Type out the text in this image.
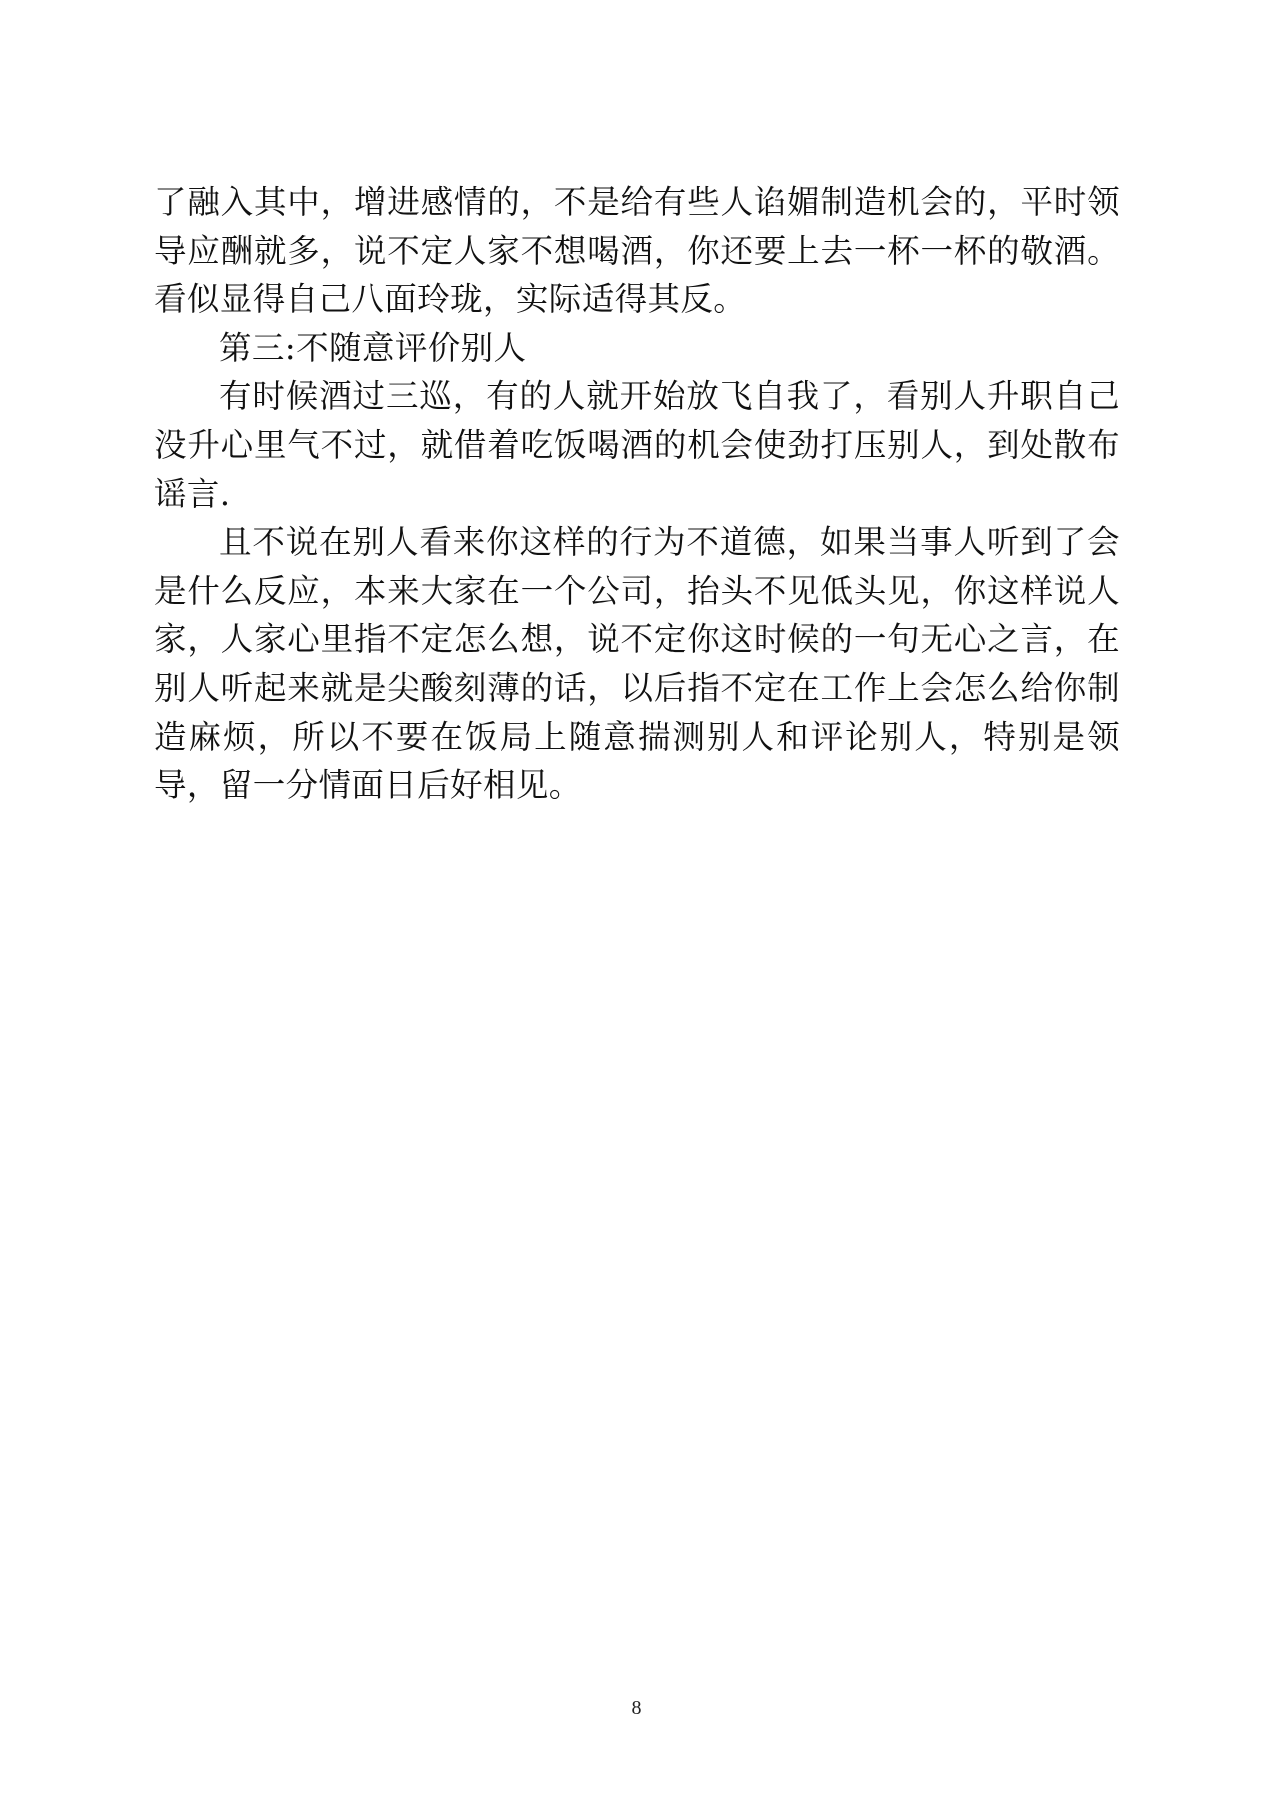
了融入其中，增进感情的，不是给有些人谄媚制造机会的，平时领导应酬就多，说不定人家不想喝酒，你还要上去一杯一杯的敬酒。看似显得自己八面玲珑，实际适得其反。

第三:不随意评价别人

有时候酒过三巡，有的人就开始放飞自我了，看别人升职自己没升心里气不过，就借着吃饭喝酒的机会使劲打压别人，到处散布谣言.

且不说在别人看来你这样的行为不道德，如果当事人听到了会是什么反应，本来大家在一个公司，抬头不见低头见，你这样说人家，人家心里指不定怎么想，说不定你这时候的一句无心之言，在别人听起来就是尖酸刻薄的话，以后指不定在工作上会怎么给你制造麻烦，所以不要在饭局上随意揣测别人和评论别人，特别是领导，留一分情面日后好相见。

8
